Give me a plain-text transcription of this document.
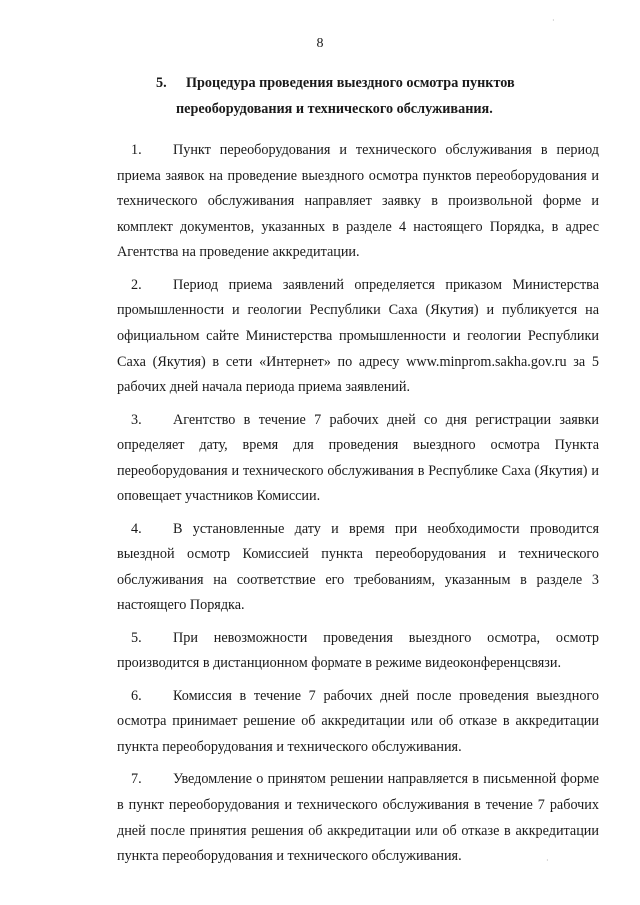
8
5.	Процедура проведения выездного осмотра пунктов
переоборудования и технического обслуживания.

1. Пункт переоборудования и технического обслуживания в период приема заявок на проведение выездного осмотра пунктов переоборудования и технического обслуживания направляет заявку в произвольной форме и комплект документов, указанных в разделе 4 настоящего Порядка, в адрес Агентства на проведение аккредитации.

2. Период приема заявлений определяется приказом Министерства промышленности и геологии Республики Саха (Якутия) и публикуется на официальном сайте Министерства промышленности и геологии Республики Саха (Якутия) в сети «Интернет» по адресу www.minprom.sakha.gov.ru за 5 рабочих дней начала периода приема заявлений.

3. Агентство в течение 7 рабочих дней со дня регистрации заявки определяет дату, время для проведения выездного осмотра Пункта переоборудования и технического обслуживания в Республике Саха (Якутия) и оповещает участников Комиссии.

4. В установленные дату и время при необходимости проводится выездной осмотр Комиссией пункта переоборудования и технического обслуживания на соответствие его требованиям, указанным в разделе 3 настоящего Порядка.

5. При невозможности проведения выездного осмотра, осмотр производится в дистанционном формате в режиме видеоконференцсвязи.

6. Комиссия в течение 7 рабочих дней после проведения выездного осмотра принимает решение об аккредитации или об отказе в аккредитации пункта переоборудования и технического обслуживания.

7. Уведомление о принятом решении направляется в письменной форме в пункт переоборудования и технического обслуживания в течение 7 рабочих дней после принятия решения об аккредитации или об отказе в аккредитации пункта переоборудования и технического обслуживания.

·
·
